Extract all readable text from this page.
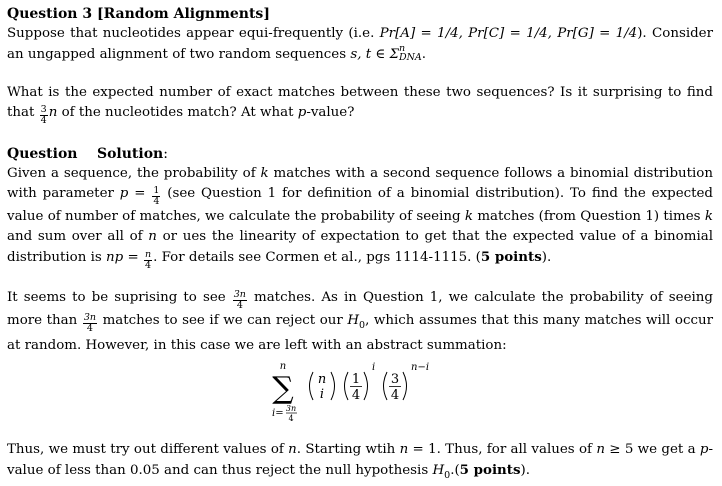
Question 3 [Random Alignments]

Suppose that nucleotides appear equi-frequently (i.e. Pr[A] = 1/4, Pr[C] = 1/4, Pr[G] = 1/4). Consider an ungapped alignment of two random sequences s, t ∈ Σ n
DNA .

What is the expected number of exact matches between these two sequences? Is it surprising to find that $\frac{3}{4}$ n of the nucleotides match? At what p-value?

Question Solution:

Given a sequence, the probability of k matches with a second sequence follows a binomial distribution with parameter $p = \frac{1}{4} (see$ Question 1 for definition of a binomial distribution). To find the expected value of number of matches, we calculate the probability of seeing k matches (from Question 1) times k and sum over all of n or ues the linearity of expectation to get that the expected value of a binomial distribution is np = $\frac{n}{4}$ . For details see Cormen et al., pgs 1114-1115. (5 points).

It seems to be suprising to see $\frac{3n}{4}$ matches. As in Question 1, we calculate the probability of seeing more than $\frac{3n}{4}$ matches to see if we can reject our $H_0$, which assumes that this many matches will occur at random. However, in this case we are left with an abstract summation:

n
∑
i= 3n
4
n
i
1
4
i
3
4
n−i

Thus, we must try out different values of n. Starting wtih n = 1. Thus, for all values of n ≥ 5 we get a p-value of less than 0.05 and can thus reject the null hypothesis $H_0.(5$ points).
